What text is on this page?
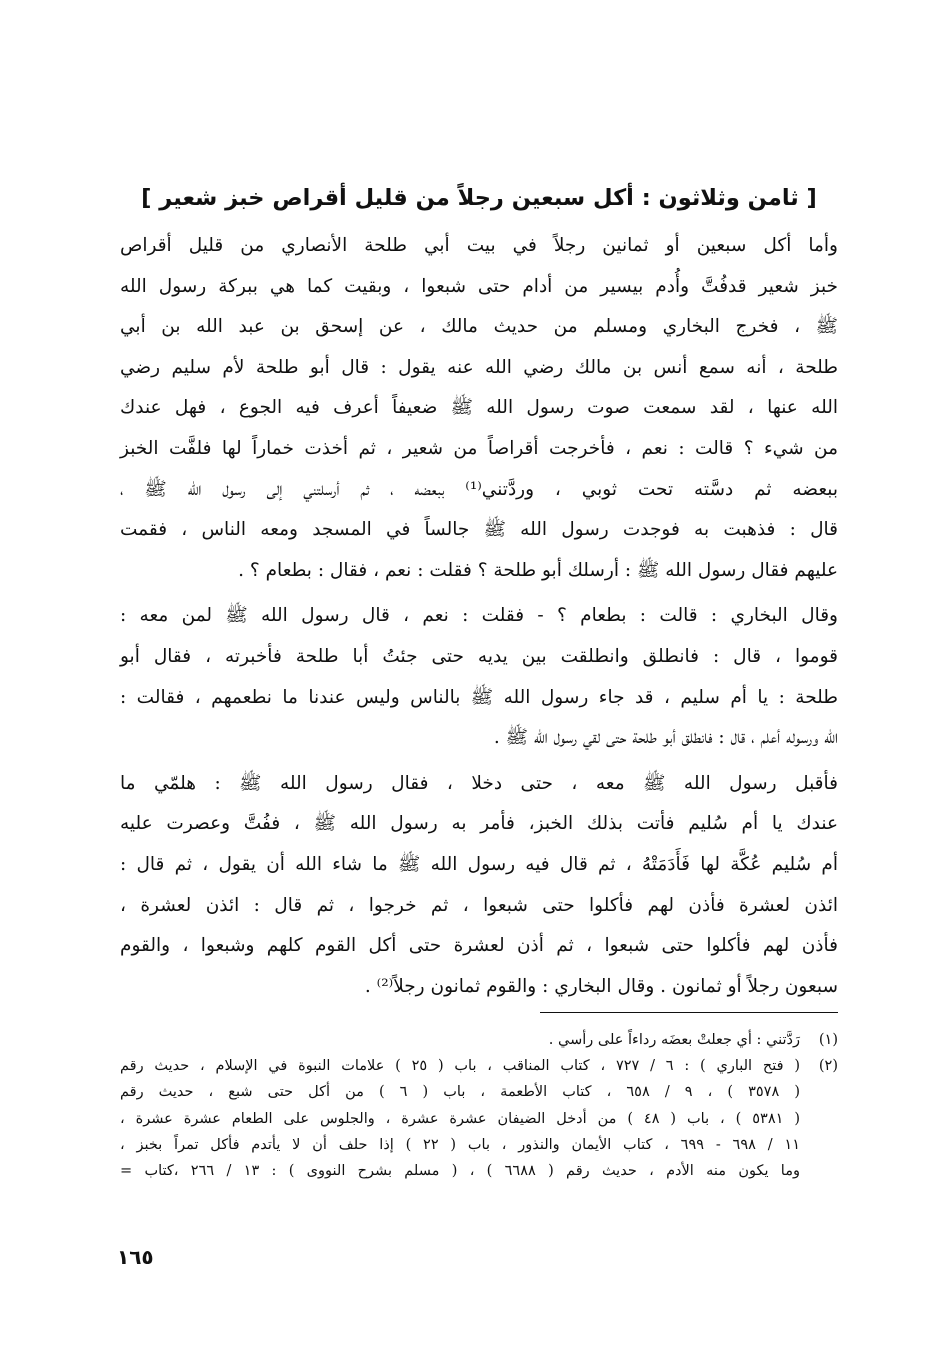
[ ثامن وثلاثون : أكل سبعين رجلاً من قليل أقراص خبز شعير ]
وأما أكل سبعين أو ثمانين رجلاً في بيت أبي طلحة الأنصاري من قليل أقراص
خبز شعير قدفُتَّ وأُدم بيسير من أدام حتى شبعوا ، وبقيت كما هي ببركة رسول الله
ﷺ ، فخرج البخاري ومسلم من حديث مالك ، عن إسحق بن عبد الله بن أبي
طلحة ، أنه سمع أنس بن مالك رضي الله عنه يقول : قال أبو طلحة لأم سليم رضي
الله عنها ، لقد سمعت صوت رسول الله ﷺ ضعيفاً أعرف فيه الجوع ، فهل عندك
من شيء ؟ قالت : نعم ، فأخرجت أقراصاً من شعير ، ثم أخذت خماراً لها فلفَّت الخبز
ببعضه ثم دسَّته تحت ثوبي ، وردَّتني⁽¹⁾ ببعضه ، ثم أرسلتني إلى رسول الله ﷺ ،
قال : فذهبت به فوجدت رسول الله ﷺ جالساً في المسجد ومعه الناس ، فقمت
عليهم فقال رسول الله ﷺ : أرسلك أبو طلحة ؟ فقلت : نعم ، فقال : بطعام ؟ .
وقال البخاري : قالت : بطعام ؟ - فقلت : نعم ، قال رسول الله ﷺ لمن معه :
قوموا ، قال : فانطلق وانطلقت بين يديه حتى جئتُ أبا طلحة فأخبرته ، فقال أبو
طلحة : يا أم سليم ، قد جاء رسول الله ﷺ بالناس وليس عندنا ما نطعمهم ، فقالت :
الله ورسوله أعلم ، قال : فانطلق أبو طلحة حتى لقي رسول الله ﷺ .
فأقبل رسول الله ﷺ معه ، حتى دخلا ، فقال رسول الله ﷺ : هلمّي ما
عندك يا أم سُليم فأتت بذلك الخبز، فأمر به رسول الله ﷺ ، ففُتَّ وعصرت عليه
أم سُليم عُكَّة لها فَأَدَمَتْهُ ، ثم قال فيه رسول الله ﷺ ما شاء الله أن يقول ، ثم قال :
ائذن لعشرة فأذن لهم فأكلوا حتى شبعوا ، ثم خرجوا ، ثم قال : ائذن لعشرة ،
فأذن لهم فأكلوا حتى شبعوا ، ثم أذن لعشرة حتى أكل القوم كلهم وشبعوا ، والقوم
سبعون رجلاً أو ثمانون . وقال البخاري : والقوم ثمانون رجلاً⁽²⁾ .
(١)
رَدَّتني : أي جعلتْ بعضَه رداءاً على رأسي .
(٢)
( فتح الباري ) : ٦ / ٧٢٧ ، كتاب المناقب ، باب ( ٢٥ ) علامات النبوة في الإسلام ، حديث رقم
( ٣٥٧٨ ) ، ٩ / ٦٥٨ ، كتاب الأطعمة ، باب ( ٦ ) من أكل حتى شبع ، حديث رقم
( ٥٣٨١ ) ، باب ( ٤٨ ) من أدخل الضيفان عشرة عشرة ، والجلوس على الطعام عشرة عشرة ،
١١ / ٦٩٨ - ٦٩٩ ، كتاب الأيمان والنذور ، باب ( ٢٢ ) إذا حلف أن لا يأتدم فأكل تمراً بخبز ،
وما يكون منه الأدم ، حديث رقم ( ٦٦٨٨ ) ، ( مسلم بشرح النووى ) : ١٣ / ٢٦٦ ،كتاب =
١٦٥
